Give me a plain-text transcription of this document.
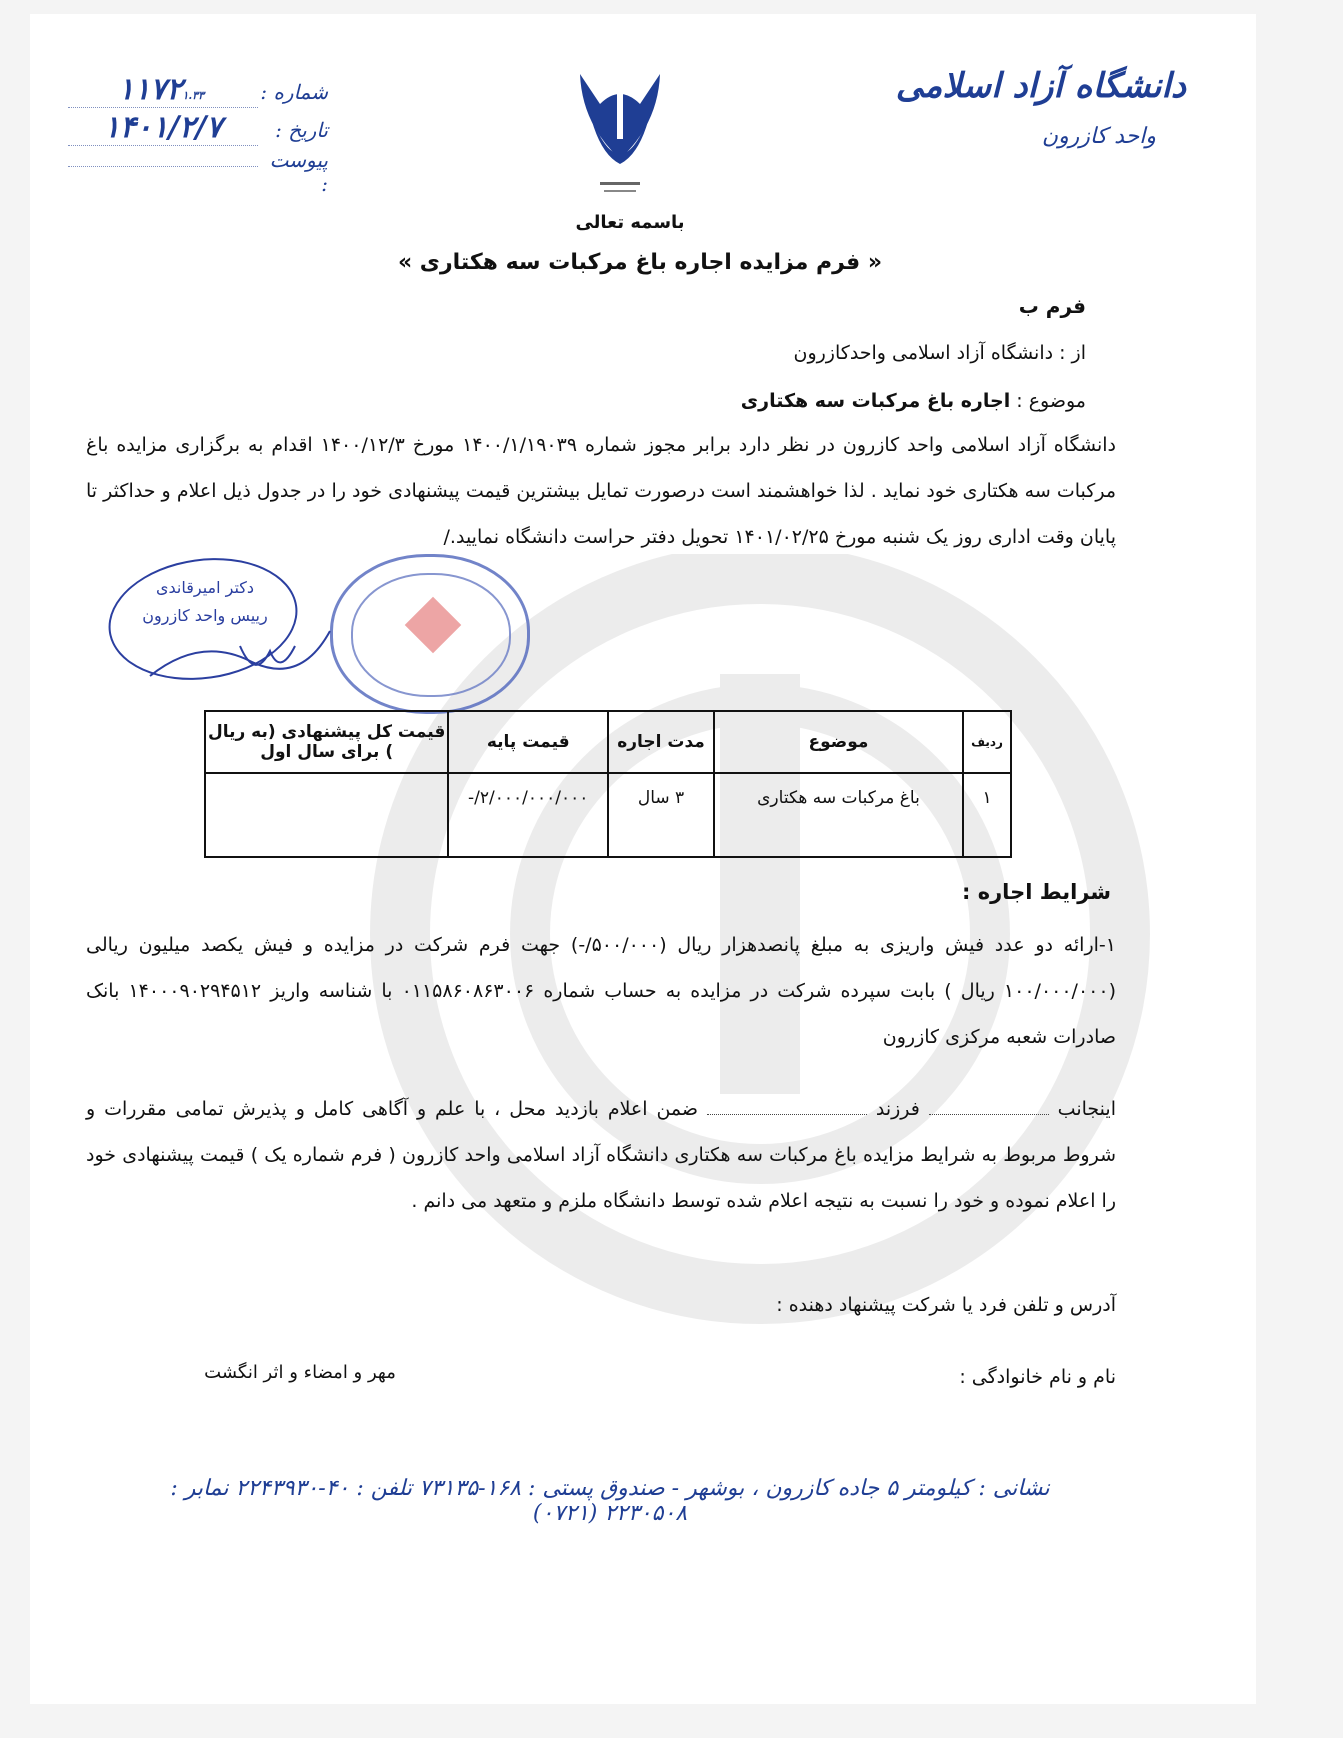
دانشگاه آزاد اسلامی
واحد کازرون
شماره :
۱۱۷۲۱.۳۳
تاریخ :
۱۴۰۱/۲/۷
پیوست :
باسمه تعالی
« فرم مزایده اجاره باغ مرکبات سه هکتاری »
فرم ب
از : دانشگاه آزاد اسلامی واحدکازرون
موضوع : اجاره باغ مرکبات سه هکتاری
دانشگاه آزاد اسلامی واحد کازرون در نظر دارد برابر مجوز شماره ۱۴۰۰/۱/۱۹۰۳۹ مورخ ۱۴۰۰/۱۲/۳ اقدام به برگزاری مزایده باغ مرکبات سه هکتاری خود نماید . لذا خواهشمند است درصورت تمایل بیشترین قیمت پیشنهادی خود را در جدول ذیل اعلام و حداکثر تا پایان وقت اداری روز یک شنبه مورخ ۱۴۰۱/۰۲/۲۵ تحویل دفتر حراست دانشگاه نمایید./
دکتر امیرقاندی
رییس واحد کازرون
ردیف	موضوع	مدت اجاره	قیمت پایه	قیمت کل پیشنهادی (به ریال ) برای سال اول
۱	باغ مرکبات سه هکتاری	۳ سال	۲/۰۰۰/۰۰۰/۰۰۰/-	
شرایط اجاره :
۱-ارائه دو عدد فیش واریزی به مبلغ پانصدهزار ریال (۵۰۰/۰۰۰/-) جهت فرم شرکت در مزایده و فیش یکصد میلیون ریالی (۱۰۰/۰۰۰/۰۰۰ ریال ) بابت سپرده شرکت در مزایده به حساب شماره ۰۱۱۵۸۶۰۸۶۳۰۰۶ با شناسه واریز ۱۴۰۰۰۹۰۲۹۴۵۱۲ بانک صادرات شعبه مرکزی کازرون
اینجانب  فرزند  ضمن اعلام بازدید محل ، با علم و آگاهی کامل و پذیرش تمامی مقررات و شروط مربوط به شرایط مزایده باغ مرکبات سه هکتاری دانشگاه آزاد اسلامی واحد کازرون ( فرم شماره یک ) قیمت پیشنهادی خود را اعلام نموده و خود را نسبت به نتیجه اعلام شده توسط دانشگاه ملزم و متعهد می دانم .
آدرس و تلفن فرد یا شرکت پیشنهاد دهنده :
نام و نام خانوادگی :
مهر و امضاء و اثر انگشت
نشانی : کیلومتر ۵ جاده کازرون ، بوشهر - صندوق پستی : ۱۶۸-۷۳۱۳۵ تلفن : ۴۰-۲۲۴۳۹۳۰ نمابر : ۲۲۳۰۵۰۸ (۰۷۲۱)
